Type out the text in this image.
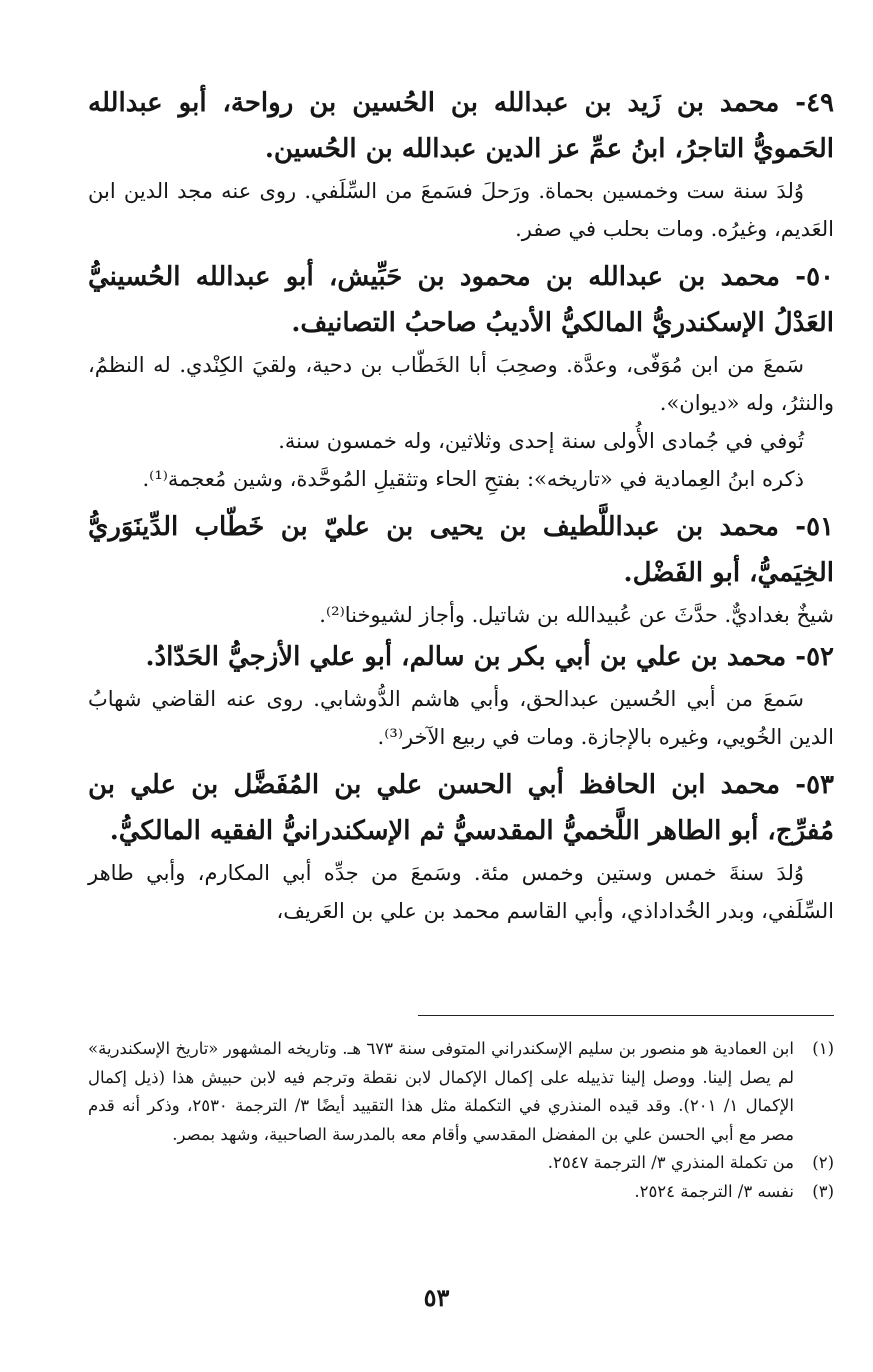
٤٩- محمد بن زَيد بن عبدالله بن الحُسين بن رواحة، أبو عبدالله الحَمويُّ التاجرُ، ابنُ عمِّ عز الدين عبدالله بن الحُسين.

وُلدَ سنة ست وخمسين بحماة. ورَحلَ فسَمعَ من السِّلَفي. روى عنه مجد الدين ابن العَديم، وغيرُه. ومات بحلب في صفر.

٥٠- محمد بن عبدالله بن محمود بن حَبِّيش، أبو عبدالله الحُسينيُّ العَدْلُ الإسكندريُّ المالكيُّ الأديبُ صاحبُ التصانيف.

سَمعَ من ابن مُوَفّى، وعدَّة. وصحِبَ أبا الخَطّاب بن دحية، ولقيَ الكِنْدي. له النظمُ، والنثرُ، وله «ديوان».

تُوفي في جُمادى الأُولى سنة إحدى وثلاثين، وله خمسون سنة.

ذكره ابنُ العِمادية في «تاريخه»: بفتحِ الحاء وتثقيلِ المُوحَّدة، وشين مُعجمة⁽¹⁾.

٥١- محمد بن عبداللَّطيف بن يحيى بن عليّ بن خَطّاب الدِّينَوَريُّ الخِيَميُّ، أبو الفَضْل.

شيخٌ بغداديٌّ. حدَّثَ عن عُبيدالله بن شاتيل. وأجاز لشيوخنا⁽²⁾.

٥٢- محمد بن علي بن أبي بكر بن سالم، أبو علي الأزجيُّ الحَدّادُ.

سَمعَ من أبي الحُسين عبدالحق، وأبي هاشم الدُّوشابي. روى عنه القاضي شهابُ الدين الخُويي، وغيره بالإجازة. ومات في ربيع الآخر⁽³⁾.

٥٣- محمد ابن الحافظ أبي الحسن علي بن المُفَضَّل بن علي بن مُفرِّج، أبو الطاهر اللَّخميُّ المقدسيُّ ثم الإسكندرانيُّ الفقيه المالكيُّ.

وُلدَ سنةَ خمس وستين وخمس مئة. وسَمعَ من جدِّه أبي المكارم، وأبي طاهر السِّلَفي، وبدر الخُداداذي، وأبي القاسم محمد بن علي بن العَريف،

(١)
ابن العمادية هو منصور بن سليم الإسكندراني المتوفى سنة ٦٧٣ هـ. وتاريخه المشهور «تاريخ الإسكندرية» لم يصل إلينا. ووصل إلينا تذييله على إكمال الإكمال لابن نقطة وترجم فيه لابن حبيش هذا (ذيل إكمال الإكمال ١/ ٢٠١). وقد قيده المنذري في التكملة مثل هذا التقييد أيضًا ٣/ الترجمة ٢٥٣٠، وذكر أنه قدم مصر مع أبي الحسن علي بن المفضل المقدسي وأقام معه بالمدرسة الصاحبية، وشهد بمصر.
(٢)
من تكملة المنذري ٣/ الترجمة ٢٥٤٧.
(٣)
نفسه ٣/ الترجمة ٢٥٢٤.
٥٣
